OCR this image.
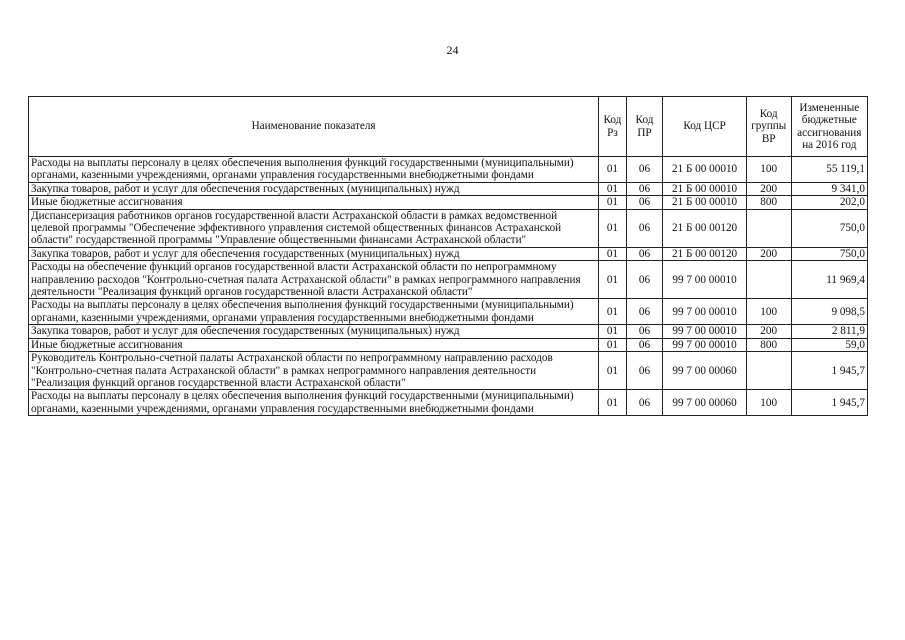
24
Наименование показателя	Код Рз	Код ПР	Код ЦСР	Код группы ВР	Измененные бюджетные ассигнования на 2016 год
Расходы на выплаты персоналу в целях обеспечения выполнения функций государственными (муниципальными) органами, казенными учреждениями, органами управления государственными внебюджетными фондами	01	06	21 Б 00 00010	100	55 119,1
Закупка товаров, работ и услуг для обеспечения государственных (муниципальных) нужд	01	06	21 Б 00 00010	200	9 341,0
Иные бюджетные ассигнования	01	06	21 Б 00 00010	800	202,0
Диспансеризация работников органов государственной власти Астраханской области в рамках ведомственной целевой программы "Обеспечение эффективного управления системой общественных финансов Астраханской области" государственной программы "Управление общественными финансами Астраханской области"	01	06	21 Б 00 00120		750,0
Закупка товаров, работ и услуг для обеспечения государственных (муниципальных) нужд	01	06	21 Б 00 00120	200	750,0
Расходы на обеспечение функций органов государственной власти Астраханской области по непрограммному направлению расходов "Контрольно-счетная палата Астраханской области" в рамках непрограммного направления деятельности "Реализация функций органов государственной власти Астраханской области"	01	06	99 7 00 00010		11 969,4
Расходы на выплаты персоналу в целях обеспечения выполнения функций государственными (муниципальными) органами, казенными учреждениями, органами управления государственными внебюджетными фондами	01	06	99 7 00 00010	100	9 098,5
Закупка товаров, работ и услуг для обеспечения государственных (муниципальных) нужд	01	06	99 7 00 00010	200	2 811,9
Иные бюджетные ассигнования	01	06	99 7 00 00010	800	59,0
Руководитель Контрольно-счетной палаты Астраханской области по непрограммному направлению расходов "Контрольно-счетная палата Астраханской области" в рамках непрограммного направления деятельности "Реализация функций органов государственной власти Астраханской области"	01	06	99 7 00 00060		1 945,7
Расходы на выплаты персоналу в целях обеспечения выполнения функций государственными (муниципальными) органами, казенными учреждениями, органами управления государственными внебюджетными фондами	01	06	99 7 00 00060	100	1 945,7
